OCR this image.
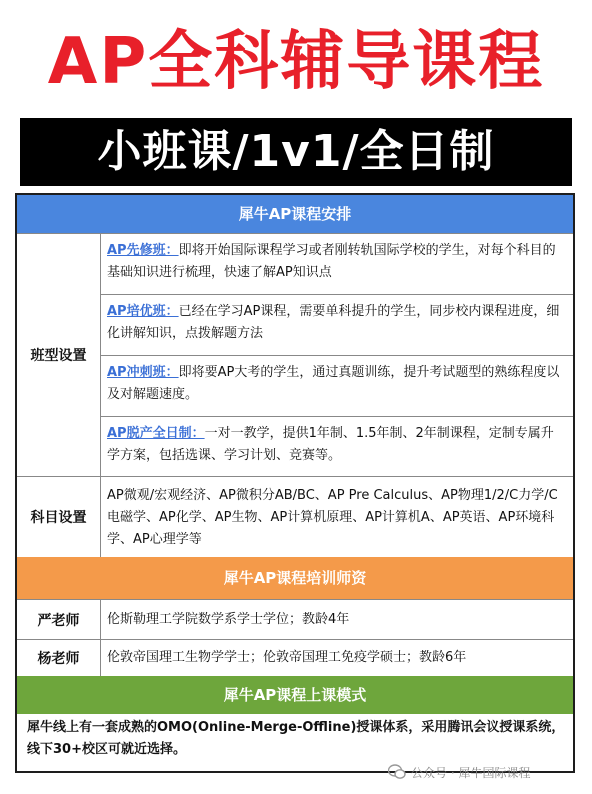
AP全科辅导课程
小班课/1v1/全日制
犀牛AP课程安排
班型设置
AP先修班：即将开始国际课程学习或者刚转轨国际学校的学生，对每个科目的基础知识进行梳理，快速了解AP知识点
AP培优班：已经在学习AP课程，需要单科提升的学生，同步校内课程进度，细化讲解知识，点拨解题方法
AP冲刺班：即将要AP大考的学生，通过真题训练，提升考试题型的熟练程度以及对解题速度。
AP脱产全日制：一对一教学，提供1年制、1.5年制、2年制课程，定制专属升学方案，包括选课、学习计划、竞赛等。
科目设置
AP微观/宏观经济、AP微积分AB/BC、AP Pre Calculus、AP物理1/2/C力学/C电磁学、AP化学、AP生物、AP计算机原理、AP计算机A、AP英语、AP环境科学、AP心理学等
犀牛AP课程培训师资
严老师	伦斯勒理工学院数学系学士学位；教龄4年
杨老师	伦敦帝国理工生物学学士；伦敦帝国理工免疫学硕士；教龄6年
犀牛AP课程上课模式
犀牛线上有一套成熟的OMO(Online-Merge-Offline)授课体系，采用腾讯会议授课系统，线下30+校区可就近选择。
公众号 · 犀牛国际课程
